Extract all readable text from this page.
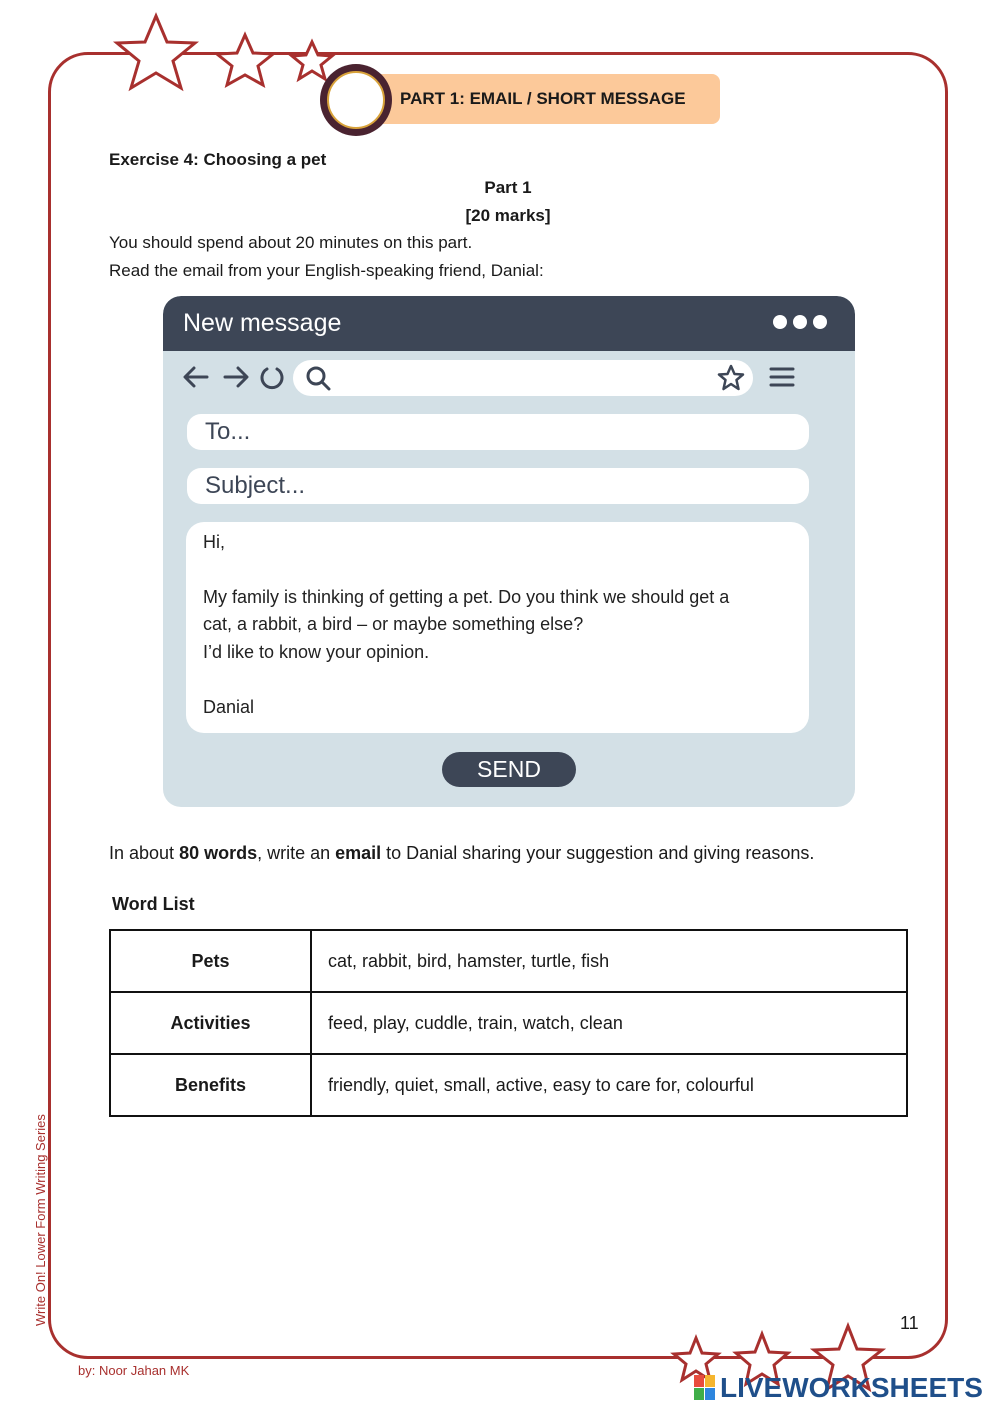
PART 1: EMAIL / SHORT MESSAGE
Exercise 4: Choosing a pet
Part 1
[20 marks]
You should spend about 20 minutes on this part.
Read the email from your English-speaking friend, Danial:
New message
To...
Subject...
Hi,
My family is thinking of getting a pet. Do you think we should get a
cat, a rabbit, a bird – or maybe something else?
I’d like to know your opinion.
Danial
SEND
In about 80 words, write an email to Danial sharing your suggestion and giving reasons.
Word List
Pets	cat, rabbit, bird, hamster, turtle, fish
Activities	feed, play, cuddle, train, watch, clean
Benefits	friendly, quiet, small, active, easy to care for, colourful
Write On! Lower Form Writing Series	11
by: Noor Jahan MK
LIVEWORKSHEETS
